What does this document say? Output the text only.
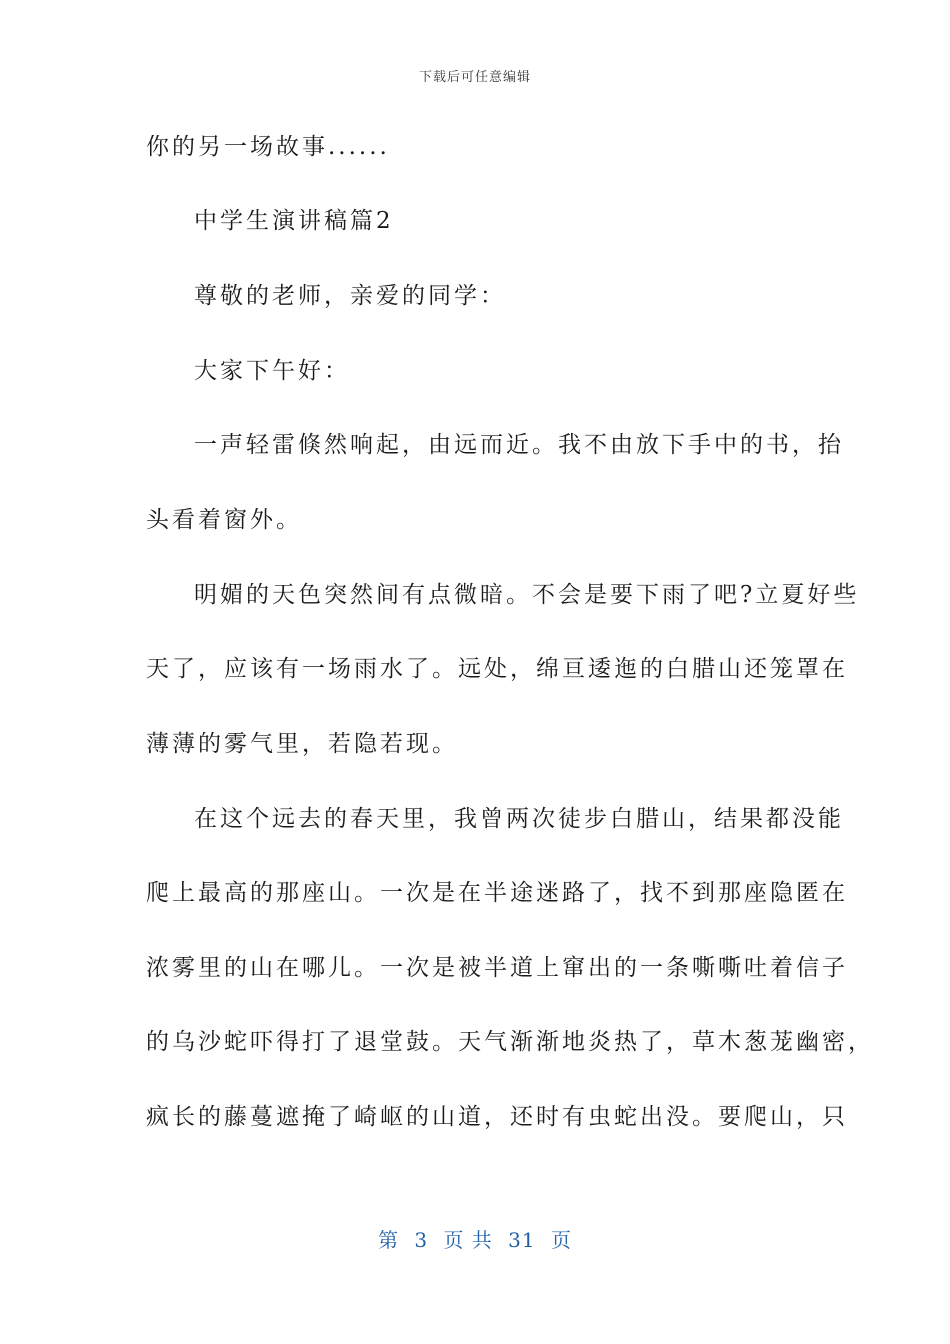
下载后可任意编辑
你的另一场故事......
中学生演讲稿篇2
尊敬的老师，亲爱的同学：
大家下午好：
一声轻雷倏然响起，由远而近。我不由放下手中的书，抬
头看着窗外。
明媚的天色突然间有点微暗。不会是要下雨了吧?立夏好些
天了，应该有一场雨水了。远处，绵亘逶迤的白腊山还笼罩在
薄薄的雾气里，若隐若现。
在这个远去的春天里，我曾两次徒步白腊山，结果都没能
爬上最高的那座山。一次是在半途迷路了，找不到那座隐匿在
浓雾里的山在哪儿。一次是被半道上窜出的一条嘶嘶吐着信子
的乌沙蛇吓得打了退堂鼓。天气渐渐地炎热了，草木葱茏幽密，
疯长的藤蔓遮掩了崎岖的山道，还时有虫蛇出没。要爬山，只
第 3 页 共 31 页
